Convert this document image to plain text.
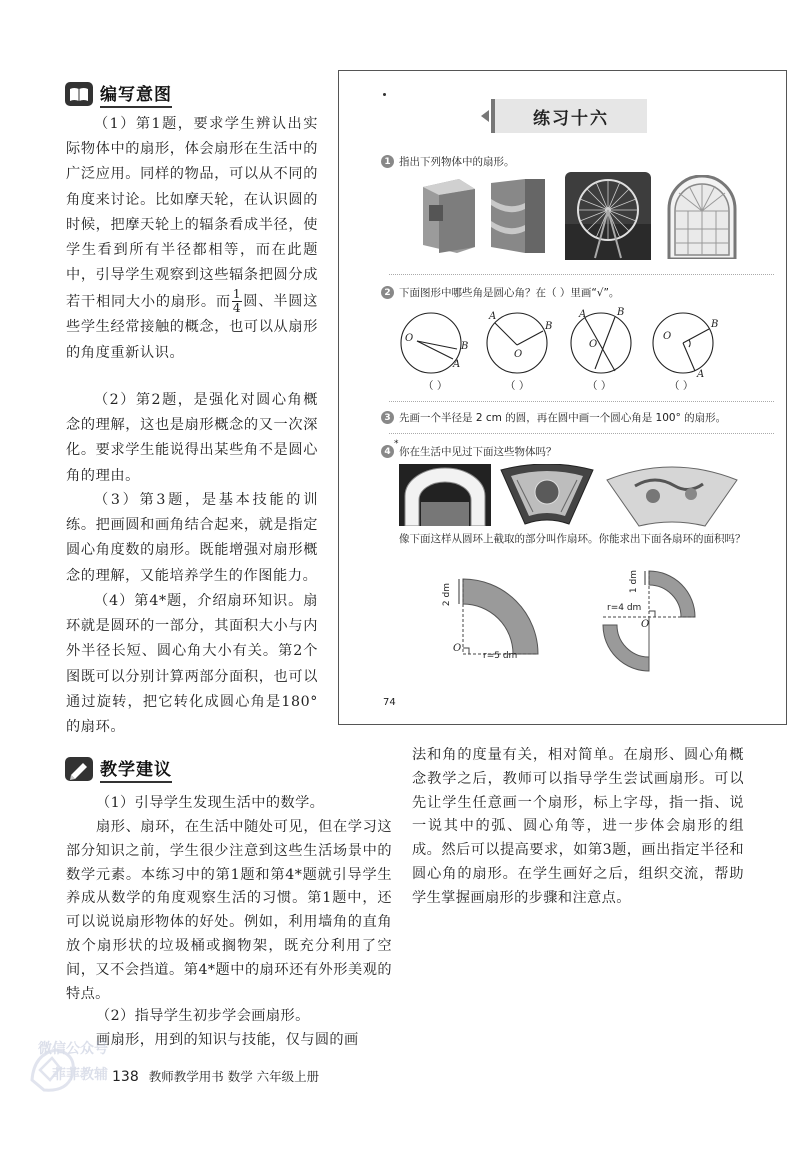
编写意图

（1）第1题，要求学生辨认出实际物体中的扇形，体会扇形在生活中的广泛应用。同样的物品，可以从不同的角度来讨论。比如摩天轮，在认识圆的时候，把摩天轮上的辐条看成半径，使学生看到所有半径都相等，而在此题中，引导学生观察到这些辐条把圆分成若干相同大小的扇形。而 $\frac{1}{4}$ 圆、半圆这些学生经常接触的概念，也可以从扇形的角度重新认识。

（2）第2题，是强化对圆心角概念的理解，这也是扇形概念的又一次深化。要求学生能说得出某些角不是圆心角的理由。

（3）第3题，是基本技能的训练。把画圆和画角结合起来，就是指定圆心角度数的扇形。既能增强对扇形概念的理解，又能培养学生的作图能力。

（4）第4*题，介绍扇环知识。扇环就是圆环的一部分，其面积大小与内外半径长短、圆心角大小有关。第2个图既可以分别计算两部分面积，也可以通过旋转，把它转化成圆心角是180°的扇环。

练习十六
1 指出下列物体中的扇形。
2 下面图形中哪些角是圆心角？在（ ）里画“√”。
O
B
A
A
B
O
A	B
O
O
B
A
（ ）	（ ）	（ ）	（ ）
3 先画一个半径是 2 cm 的圆，再在圆中画一个圆心角是 100° 的扇形。
4
*
你在生活中见过下面这些物体吗？
像下面这样从圆环上截取的部分叫作扇环。你能求出下面各扇环的面积吗？
2 dm
O
r=5 dm
1 dm
r=4 dm
O
74
教学建议

（1）引导学生发现生活中的数学。

扇形、扇环，在生活中随处可见，但在学习这部分知识之前，学生很少注意到这些生活场景中的数学元素。本练习中的第1题和第4*题就引导学生养成从数学的角度观察生活的习惯。第1题中，还可以说说扇形物体的好处。例如，利用墙角的直角放个扇形状的垃圾桶或搁物架，既充分利用了空间，又不会挡道。第4*题中的扇环还有外形美观的特点。

（2）指导学生初步学会画扇形。

画扇形，用到的知识与技能，仅与圆的画

法和角的度量有关，相对简单。在扇形、圆心角概念教学之后，教师可以指导学生尝试画扇形。可以先让学生任意画一个扇形，标上字母，指一指、说一说其中的弧、圆心角等，进一步体会扇形的组成。然后可以提高要求，如第3题，画出指定半径和圆心角的扇形。在学生画好之后，组织交流，帮助学生掌握画扇形的步骤和注意点。

微信公众号
菲菲教辅 138 教师教学用书 数学 六年级上册
